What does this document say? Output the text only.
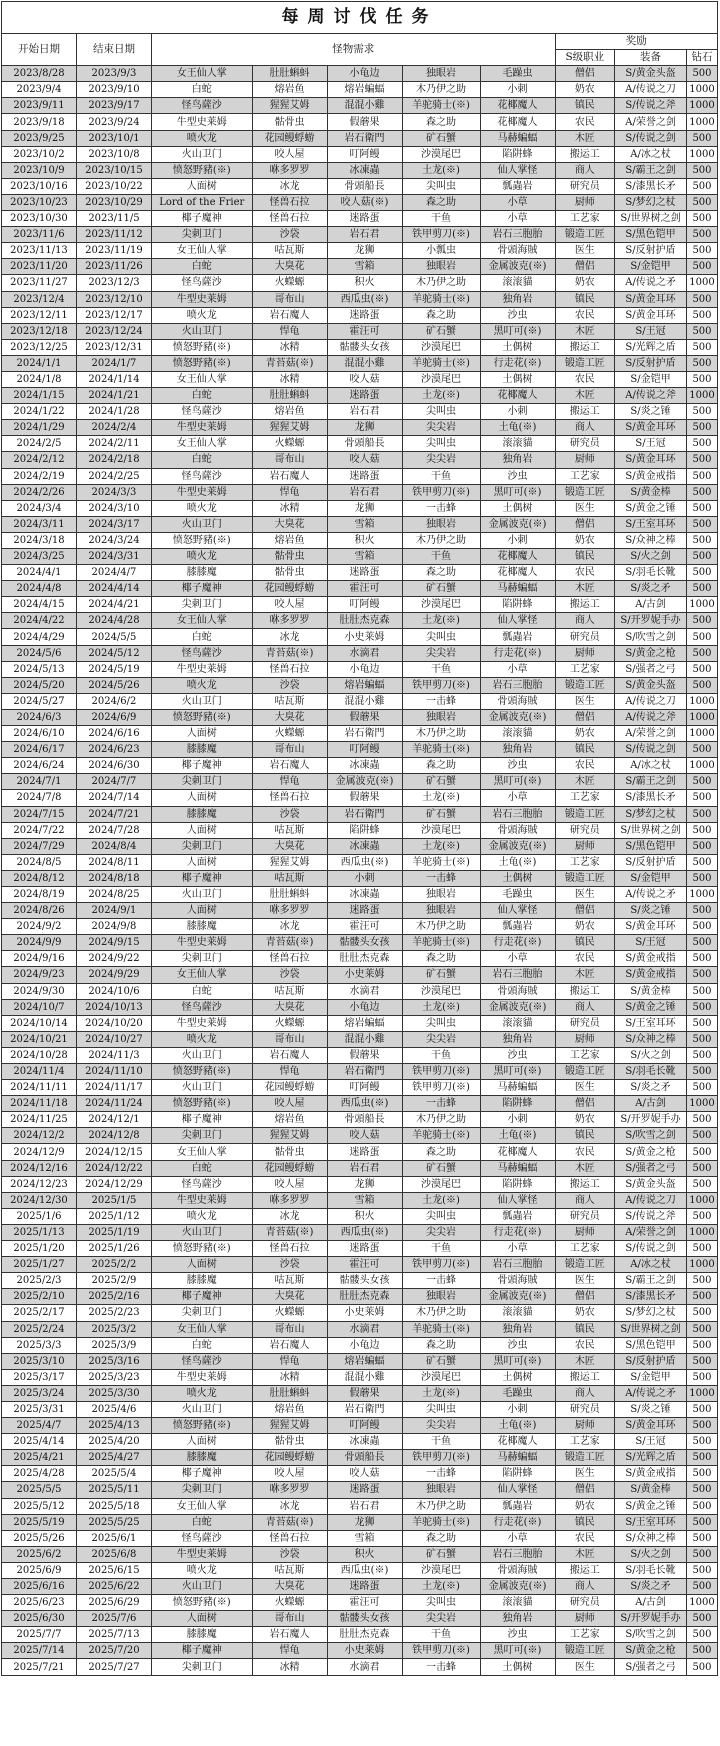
每周讨伐任务									
开始日期	结束日期	怪物需求					奖励		
							S级职业	装备	钻石
2023/8/28	2023/9/3	女王仙人掌	肚肚蝌蚪	小龟边	独眼岩	毛躁虫	僧侣	S/黄金头盔	500
2023/9/4	2023/9/10	白蛇	熔岩鱼	熔岩蝙蝠	木乃伊之助	小刺	奶农	A/传说之刀	1000
2023/9/11	2023/9/17	怪鸟薩沙	猩猩艾姆	混混小雞	羊驼骑士(※)	花椰魔人	镇民	S/传说之斧	1000
2023/9/18	2023/9/24	牛型史莱姆	骷骨虫	假蘑果	森之助	花椰魔人	农民	A/荣誉之剑	1000
2023/9/25	2023/10/1	喷火龙	花园鳗蜉蝣	岩石衛門	矿石蟹	马赫蝙蝠	木匠	S/传说之剑	500
2023/10/2	2023/10/8	火山卫门	咬人屋	叮阿鳗	沙漠尾巴	陷阱蜂	搬运工	A/冰之杖	1000
2023/10/9	2023/10/15	愤怒野豬(※)	咻多罗罗	冰凍蟲	土龙(※)	仙人掌怪	商人	S/霸王之剑	500
2023/10/16	2023/10/22	人面树	冰龙	骨頭船長	尖叫虫	瓢蟲岩	研究员	S/漆黑长矛	500
2023/10/23	2023/10/29	Lord of the Frier	怪兽石拉	咬人菇(※)	森之助	小草	厨师	S/梦幻之杖	500
2023/10/30	2023/11/5	椰子魔神	怪兽石拉	迷路蛋	干鱼	小草	工艺家	S/世界树之剑	500
2023/11/6	2023/11/12	尖刺卫门	沙袋	岩石君	铁甲剪刀(※)	岩石三胞胎	锻造工匠	S/黑色铠甲	500
2023/11/13	2023/11/19	女王仙人掌	咕瓦斯	龙狮	小瓢虫	骨頭海賊	医生	S/反射护盾	500
2023/11/20	2023/11/26	白蛇	大臭花	雪箱	独眼岩	金属波克(※)	僧侣	S/金铠甲	500
2023/11/27	2023/12/3	怪鸟薩沙	火蠑螈	积火	木乃伊之助	滚滚貓	奶农	A/传说之矛	1000
2023/12/4	2023/12/10	牛型史莱姆	哥布山	西瓜虫(※)	羊驼骑士(※)	独角岩	镇民	S/黄金耳环	500
2023/12/11	2023/12/17	喷火龙	岩石魔人	迷路蛋	森之助	沙虫	农民	S/黄金耳环	500
2023/12/18	2023/12/24	火山卫门	悍龟	霍汪可	矿石蟹	黑叮可(※)	木匠	S/王冠	500
2023/12/25	2023/12/31	愤怒野豬(※)	冰精	骷髅头女孩	沙漠尾巴	土偶树	搬运工	S/光辉之盾	500
2024/1/1	2024/1/7	愤怒野豬(※)	青苔菇(※)	混混小雞	羊驼骑士(※)	行走花(※)	锻造工匠	S/反射护盾	500
2024/1/8	2024/1/14	女王仙人掌	冰精	咬人菇	沙漠尾巴	土偶树	农民	S/金铠甲	500
2024/1/15	2024/1/21	白蛇	肚肚蝌蚪	迷路蛋	土龙(※)	花椰魔人	木匠	A/传说之斧	1000
2024/1/22	2024/1/28	怪鸟薩沙	熔岩鱼	岩石君	尖叫虫	小刺	搬运工	S/炎之锤	500
2024/1/29	2024/2/4	牛型史莱姆	猩猩艾姆	龙狮	尖尖岩	土龟(※)	商人	S/黄金耳环	500
2024/2/5	2024/2/11	女王仙人掌	火蠑螈	骨頭船長	尖叫虫	滚滚貓	研究员	S/王冠	500
2024/2/12	2024/2/18	白蛇	哥布山	咬人菇	尖尖岩	独角岩	厨师	S/黄金耳环	500
2024/2/19	2024/2/25	怪鸟薩沙	岩石魔人	迷路蛋	干鱼	沙虫	工艺家	S/黄金戒指	500
2024/2/26	2024/3/3	牛型史莱姆	悍龟	岩石君	铁甲剪刀(※)	黑叮可(※)	锻造工匠	S/黄金棒	500
2024/3/4	2024/3/10	喷火龙	冰精	龙狮	一击蜂	土偶树	医生	S/黄金之锤	500
2024/3/11	2024/3/17	火山卫门	大臭花	雪箱	独眼岩	金属波克(※)	僧侣	S/王室耳环	500
2024/3/18	2024/3/24	愤怒野豬(※)	熔岩鱼	积火	木乃伊之助	小刺	奶农	S/众神之棒	500
2024/3/25	2024/3/31	喷火龙	骷骨虫	雪箱	干鱼	花椰魔人	镇民	S/火之剑	500
2024/4/1	2024/4/7	膝膝魔	骷骨虫	迷路蛋	森之助	花椰魔人	农民	S/羽毛长靴	500
2024/4/8	2024/4/14	椰子魔神	花园鳗蜉蝣	霍汪可	矿石蟹	马赫蝙蝠	木匠	S/炎之矛	500
2024/4/15	2024/4/21	尖刺卫门	咬人屋	叮阿鳗	沙漠尾巴	陷阱蜂	搬运工	A/古剑	1000
2024/4/22	2024/4/28	女王仙人掌	咻多罗罗	肚肚杰克森	土龙(※)	仙人掌怪	商人	S/开罗妮手办	500
2024/4/29	2024/5/5	白蛇	冰龙	小史莱姆	尖叫虫	瓢蟲岩	研究员	S/吹雪之剑	500
2024/5/6	2024/5/12	怪鸟薩沙	青苔菇(※)	水滴君	尖尖岩	行走花(※)	厨师	S/黄金之枪	500
2024/5/13	2024/5/19	牛型史莱姆	怪兽石拉	小龟边	干鱼	小草	工艺家	S/强者之弓	500
2024/5/20	2024/5/26	喷火龙	沙袋	熔岩蝙蝠	铁甲剪刀(※)	岩石三胞胎	锻造工匠	S/黄金头盔	500
2024/5/27	2024/6/2	火山卫门	咕瓦斯	混混小雞	一击蜂	骨頭海賊	医生	A/传说之刀	1000
2024/6/3	2024/6/9	愤怒野豬(※)	大臭花	假蘑果	独眼岩	金属波克(※)	僧侣	A/传说之斧	1000
2024/6/10	2024/6/16	人面树	火蠑螈	岩石衛門	木乃伊之助	滚滚貓	奶农	A/荣誉之剑	1000
2024/6/17	2024/6/23	膝膝魔	哥布山	叮阿鳗	羊驼骑士(※)	独角岩	镇民	S/传说之剑	500
2024/6/24	2024/6/30	椰子魔神	岩石魔人	冰凍蟲	森之助	沙虫	农民	A/冰之杖	1000
2024/7/1	2024/7/7	尖刺卫门	悍龟	金属波克(※)	矿石蟹	黑叮可(※)	木匠	S/霸王之剑	500
2024/7/8	2024/7/14	人面树	怪兽石拉	假蘑果	土龙(※)	小草	工艺家	S/漆黑长矛	500
2024/7/15	2024/7/21	膝膝魔	沙袋	岩石衛門	矿石蟹	岩石三胞胎	锻造工匠	S/梦幻之杖	500
2024/7/22	2024/7/28	人面树	咕瓦斯	陷阱蜂	沙漠尾巴	骨頭海賊	研究员	S/世界树之剑	500
2024/7/29	2024/8/4	尖刺卫门	大臭花	冰凍蟲	土龙(※)	金属波克(※)	厨师	S/黑色铠甲	500
2024/8/5	2024/8/11	人面树	猩猩艾姆	西瓜虫(※)	羊驼骑士(※)	土龟(※)	工艺家	S/反射护盾	500
2024/8/12	2024/8/18	椰子魔神	咕瓦斯	小刺	一击蜂	土偶树	锻造工匠	S/金铠甲	500
2024/8/19	2024/8/25	火山卫门	肚肚蝌蚪	冰凍蟲	独眼岩	毛躁虫	医生	A/传说之矛	1000
2024/8/26	2024/9/1	人面树	咻多罗罗	迷路蛋	独眼岩	仙人掌怪	僧侣	S/炎之锤	500
2024/9/2	2024/9/8	膝膝魔	冰龙	霍汪可	木乃伊之助	瓢蟲岩	奶农	S/黄金耳环	500
2024/9/9	2024/9/15	牛型史莱姆	青苔菇(※)	骷髅头女孩	羊驼骑士(※)	行走花(※)	镇民	S/王冠	500
2024/9/16	2024/9/22	尖刺卫门	怪兽石拉	肚肚杰克森	森之助	小草	农民	S/黄金戒指	500
2024/9/23	2024/9/29	女王仙人掌	沙袋	小史莱姆	矿石蟹	岩石三胞胎	木匠	S/黄金戒指	500
2024/9/30	2024/10/6	白蛇	咕瓦斯	水滴君	沙漠尾巴	骨頭海賊	搬运工	S/黄金棒	500
2024/10/7	2024/10/13	怪鸟薩沙	大臭花	小龟边	土龙(※)	金属波克(※)	商人	S/黄金之锤	500
2024/10/14	2024/10/20	牛型史莱姆	火蠑螈	熔岩蝙蝠	尖叫虫	滚滚貓	研究员	S/王室耳环	500
2024/10/21	2024/10/27	喷火龙	哥布山	混混小雞	尖尖岩	独角岩	厨师	S/众神之棒	500
2024/10/28	2024/11/3	火山卫门	岩石魔人	假蘑果	干鱼	沙虫	工艺家	S/火之剑	500
2024/11/4	2024/11/10	愤怒野豬(※)	悍龟	岩石衛門	铁甲剪刀(※)	黑叮可(※)	锻造工匠	S/羽毛长靴	500
2024/11/11	2024/11/17	火山卫门	花园鳗蜉蝣	叮阿鳗	铁甲剪刀(※)	马赫蝙蝠	医生	S/炎之矛	500
2024/11/18	2024/11/24	愤怒野豬(※)	咬人屋	西瓜虫(※)	一击蜂	陷阱蜂	僧侣	A/古剑	1000
2024/11/25	2024/12/1	椰子魔神	熔岩鱼	骨頭船長	木乃伊之助	小刺	奶农	S/开罗妮手办	500
2024/12/2	2024/12/8	尖刺卫门	猩猩艾姆	咬人菇	羊驼骑士(※)	土龟(※)	镇民	S/吹雪之剑	500
2024/12/9	2024/12/15	女王仙人掌	骷骨虫	迷路蛋	森之助	花椰魔人	农民	S/黄金之枪	500
2024/12/16	2024/12/22	白蛇	花园鳗蜉蝣	岩石君	矿石蟹	马赫蝙蝠	木匠	S/强者之弓	500
2024/12/23	2024/12/29	怪鸟薩沙	咬人屋	龙狮	沙漠尾巴	陷阱蜂	搬运工	S/黄金头盔	500
2024/12/30	2025/1/5	牛型史莱姆	咻多罗罗	雪箱	土龙(※)	仙人掌怪	商人	A/传说之刀	1000
2025/1/6	2025/1/12	喷火龙	冰龙	积火	尖叫虫	瓢蟲岩	研究员	S/传说之斧	500
2025/1/13	2025/1/19	火山卫门	青苔菇(※)	西瓜虫(※)	尖尖岩	行走花(※)	厨师	A/荣誉之剑	1000
2025/1/20	2025/1/26	愤怒野豬(※)	怪兽石拉	迷路蛋	干鱼	小草	工艺家	S/传说之剑	500
2025/1/27	2025/2/2	人面树	沙袋	霍汪可	铁甲剪刀(※)	岩石三胞胎	锻造工匠	A/冰之杖	1000
2025/2/3	2025/2/9	膝膝魔	咕瓦斯	骷髅头女孩	一击蜂	骨頭海賊	医生	S/霸王之剑	500
2025/2/10	2025/2/16	椰子魔神	大臭花	肚肚杰克森	独眼岩	金属波克(※)	僧侣	S/漆黑长矛	500
2025/2/17	2025/2/23	尖刺卫门	火蠑螈	小史莱姆	木乃伊之助	滚滚貓	奶农	S/梦幻之杖	500
2025/2/24	2025/3/2	女王仙人掌	哥布山	水滴君	羊驼骑士(※)	独角岩	镇民	S/世界树之剑	500
2025/3/3	2025/3/9	白蛇	岩石魔人	小龟边	森之助	沙虫	农民	S/黑色铠甲	500
2025/3/10	2025/3/16	怪鸟薩沙	悍龟	熔岩蝙蝠	矿石蟹	黑叮可(※)	木匠	S/反射护盾	500
2025/3/17	2025/3/23	牛型史莱姆	冰精	混混小雞	沙漠尾巴	土偶树	搬运工	S/金铠甲	500
2025/3/24	2025/3/30	喷火龙	肚肚蝌蚪	假蘑果	土龙(※)	毛躁虫	商人	A/传说之矛	1000
2025/3/31	2025/4/6	火山卫门	熔岩鱼	岩石衛門	尖叫虫	小刺	研究员	S/炎之锤	500
2025/4/7	2025/4/13	愤怒野豬(※)	猩猩艾姆	叮阿鳗	尖尖岩	土龟(※)	厨师	S/黄金耳环	500
2025/4/14	2025/4/20	人面树	骷骨虫	冰凍蟲	干鱼	花椰魔人	工艺家	S/王冠	500
2025/4/21	2025/4/27	膝膝魔	花园鳗蜉蝣	骨頭船長	铁甲剪刀(※)	马赫蝙蝠	锻造工匠	S/光辉之盾	500
2025/4/28	2025/5/4	椰子魔神	咬人屋	咬人菇	一击蜂	陷阱蜂	医生	S/黄金戒指	500
2025/5/5	2025/5/11	尖刺卫门	咻多罗罗	迷路蛋	独眼岩	仙人掌怪	僧侣	S/黄金棒	500
2025/5/12	2025/5/18	女王仙人掌	冰龙	岩石君	木乃伊之助	瓢蟲岩	奶农	S/黄金之锤	500
2025/5/19	2025/5/25	白蛇	青苔菇(※)	龙狮	羊驼骑士(※)	行走花(※)	镇民	S/王室耳环	500
2025/5/26	2025/6/1	怪鸟薩沙	怪兽石拉	雪箱	森之助	小草	农民	S/众神之棒	500
2025/6/2	2025/6/8	牛型史莱姆	沙袋	积火	矿石蟹	岩石三胞胎	木匠	S/火之剑	500
2025/6/9	2025/6/15	喷火龙	咕瓦斯	西瓜虫(※)	沙漠尾巴	骨頭海賊	搬运工	S/羽毛长靴	500
2025/6/16	2025/6/22	火山卫门	大臭花	迷路蛋	土龙(※)	金属波克(※)	商人	S/炎之矛	500
2025/6/23	2025/6/29	愤怒野豬(※)	火蠑螈	霍汪可	尖叫虫	滚滚貓	研究员	A/古剑	1000
2025/6/30	2025/7/6	人面树	哥布山	骷髅头女孩	尖尖岩	独角岩	厨师	S/开罗妮手办	500
2025/7/7	2025/7/13	膝膝魔	岩石魔人	肚肚杰克森	干鱼	沙虫	工艺家	S/吹雪之剑	500
2025/7/14	2025/7/20	椰子魔神	悍龟	小史莱姆	铁甲剪刀(※)	黑叮可(※)	锻造工匠	S/黄金之枪	500
2025/7/21	2025/7/27	尖刺卫门	冰精	水滴君	一击蜂	土偶树	医生	S/强者之弓	500
